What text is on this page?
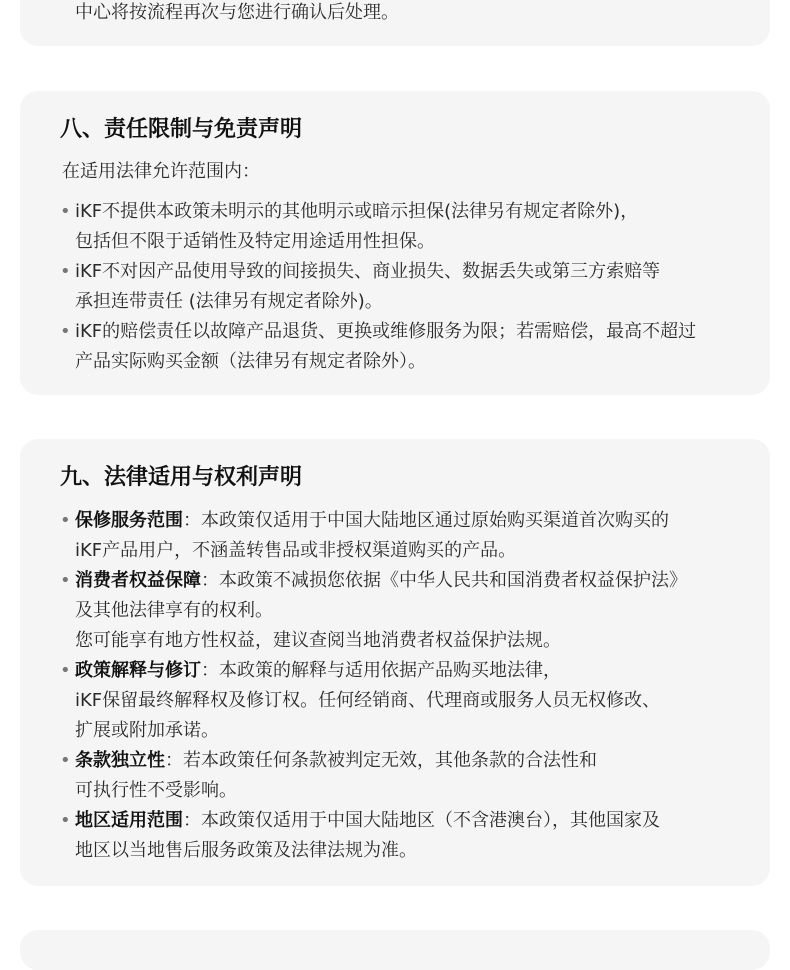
中心将按流程再次与您进行确认后处理。
八、责任限制与免责声明
在适用法律允许范围内：
• iKF不提供本政策未明示的其他明示或暗示担保(法律另有规定者除外)，
包括但不限于适销性及特定用途适用性担保。
• iKF不对因产品使用导致的间接损失、商业损失、数据丢失或第三方索赔等
承担连带责任 (法律另有规定者除外)。
• iKF的赔偿责任以故障产品退货、更换或维修服务为限；若需赔偿，最高不超过
产品实际购买金额（法律另有规定者除外）。
九、法律适用与权利声明
• 保修服务范围：本政策仅适用于中国大陆地区通过原始购买渠道首次购买的
iKF产品用户，不涵盖转售品或非授权渠道购买的产品。
• 消费者权益保障：本政策不减损您依据《中华人民共和国消费者权益保护法》
及其他法律享有的权利。
您可能享有地方性权益，建议查阅当地消费者权益保护法规。
• 政策解释与修订：本政策的解释与适用依据产品购买地法律，
iKF保留最终解释权及修订权。任何经销商、代理商或服务人员无权修改、
扩展或附加承诺。
• 条款独立性：若本政策任何条款被判定无效，其他条款的合法性和
可执行性不受影响。
• 地区适用范围：本政策仅适用于中国大陆地区（不含港澳台），其他国家及
地区以当地售后服务政策及法律法规为准。
